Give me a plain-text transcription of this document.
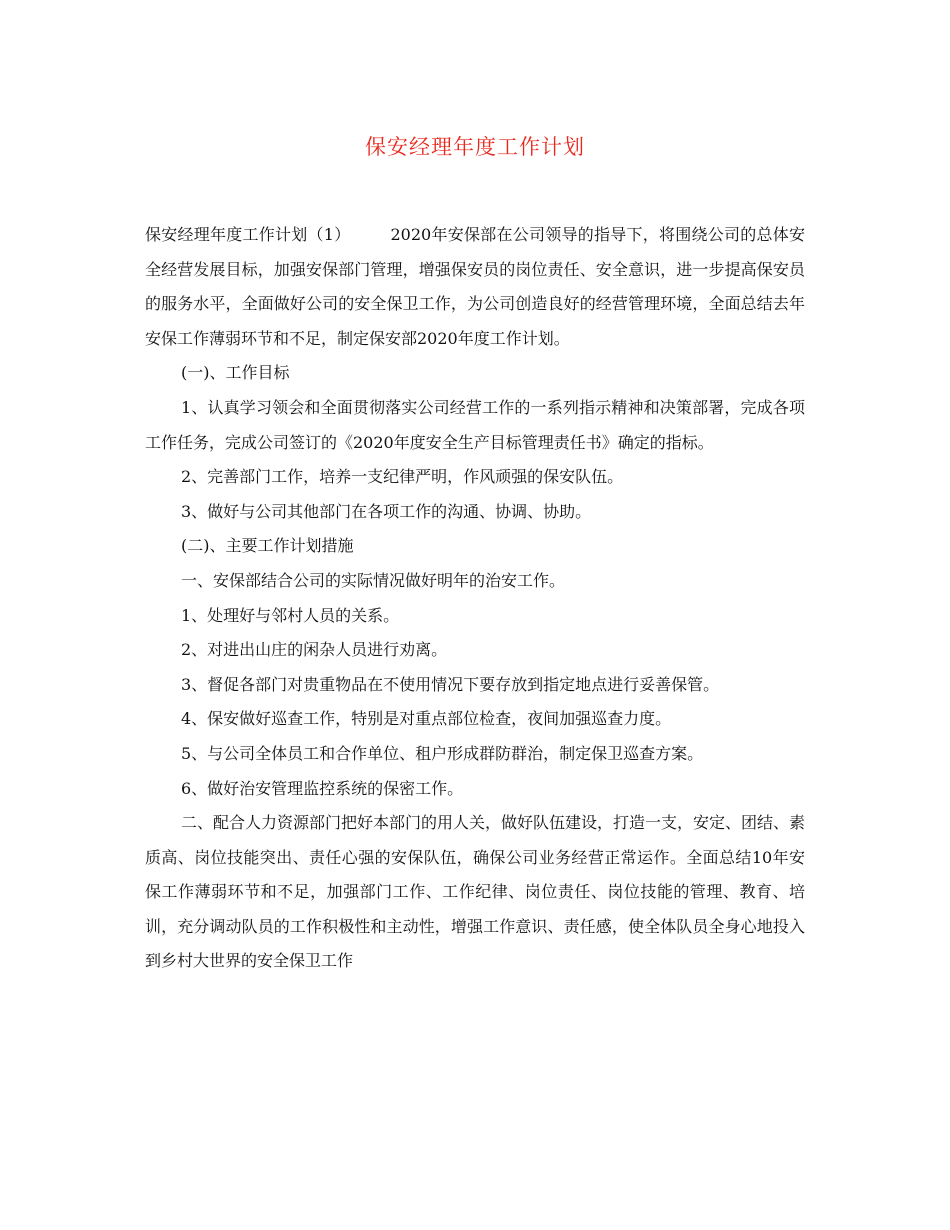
保安经理年度工作计划

保安经理年度工作计划（1）	2020年安保部在公司领导的指导下，将围绕公司的总体安全经营发展目标，加强安保部门管理，增强保安员的岗位责任、安全意识，进一步提高保安员的服务水平，全面做好公司的安全保卫工作，为公司创造良好的经营管理环境，全面总结去年安保工作薄弱环节和不足，制定保安部2020年度工作计划。

(一)、工作目标

1、认真学习领会和全面贯彻落实公司经营工作的一系列指示精神和决策部署，完成各项工作任务，完成公司签订的《2020年度安全生产目标管理责任书》确定的指标。

2、完善部门工作，培养一支纪律严明，作风顽强的保安队伍。

3、做好与公司其他部门在各项工作的沟通、协调、协助。

(二)、主要工作计划措施

一、安保部结合公司的实际情况做好明年的治安工作。

1、处理好与邻村人员的关系。

2、对进出山庄的闲杂人员进行劝离。

3、督促各部门对贵重物品在不使用情况下要存放到指定地点进行妥善保管。

4、保安做好巡查工作，特别是对重点部位检查，夜间加强巡查力度。

5、与公司全体员工和合作单位、租户形成群防群治，制定保卫巡查方案。

6、做好治安管理监控系统的保密工作。

二、配合人力资源部门把好本部门的用人关，做好队伍建设，打造一支，安定、团结、素质高、岗位技能突出、责任心强的安保队伍，确保公司业务经营正常运作。全面总结10年安保工作薄弱环节和不足，加强部门工作、工作纪律、岗位责任、岗位技能的管理、教育、培训，充分调动队员的工作积极性和主动性，增强工作意识、责任感，使全体队员全身心地投入到乡村大世界的安全保卫工作
